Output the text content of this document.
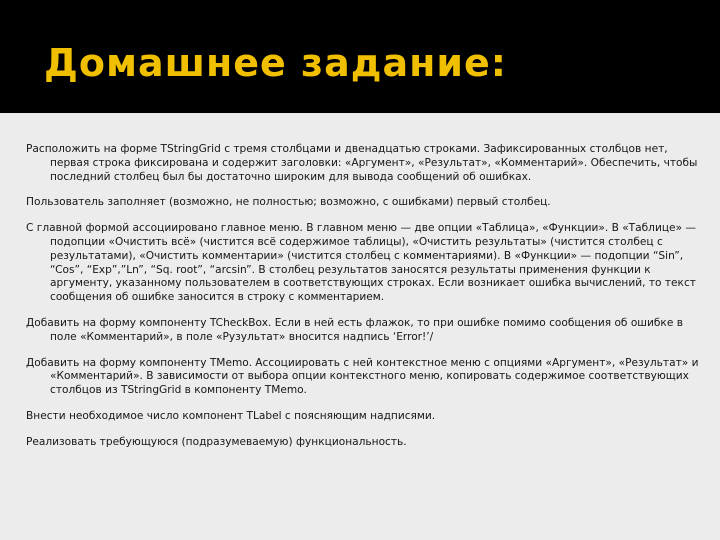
Домашнее задание:

Расположить на форме TStringGrid с тремя столбцами и двенадцатью строками. Зафиксированных столбцов нет, первая строка фиксирована и содержит заголовки: «Аргумент», «Результат», «Комментарий». Обеспечить, чтобы последний столбец был бы достаточно широким для вывода сообщений об ошибках.

Пользователь заполняет (возможно, не полностью; возможно, с ошибками) первый столбец.

С главной формой ассоциировано главное меню. В главном меню — две опции «Таблица», «Функции». В «Таблице» — подопции «Очистить всё» (чистится всё содержимое таблицы), «Очистить результаты» (чистится столбец с результатами), «Очистить комментарии» (чистится столбец с комментариями). В «Функции» — подопции “Sin”, “Cos”, “Exp”,”Ln”, “Sq. root”, “arcsin”. В столбец результатов заносятся результаты применения функции к аргументу, указанному пользователем в соответствующих строках. Если возникает ошибка вычислений, то текст сообщения об ошибке заносится в строку с комментарием.

Добавить на форму компоненту TCheckBox. Если в ней есть флажок, то при ошибке помимо сообщения об ошибке в поле «Комментарий», в поле «Рузультат» вносится надпись ‘Error!’/

Добавить на форму компоненту TMemo. Ассоциировать с ней контекстное меню с опциями «Аргумент», «Результат» и «Комментарий». В зависимости от выбора опции контекстного меню, копировать содержимое соответствующих столбцов из TStringGrid в компоненту TMemo.

Внести необходимое число компонент TLabel с поясняющим надписями.

Реализовать требующуюся (подразумеваемую) функциональность.
